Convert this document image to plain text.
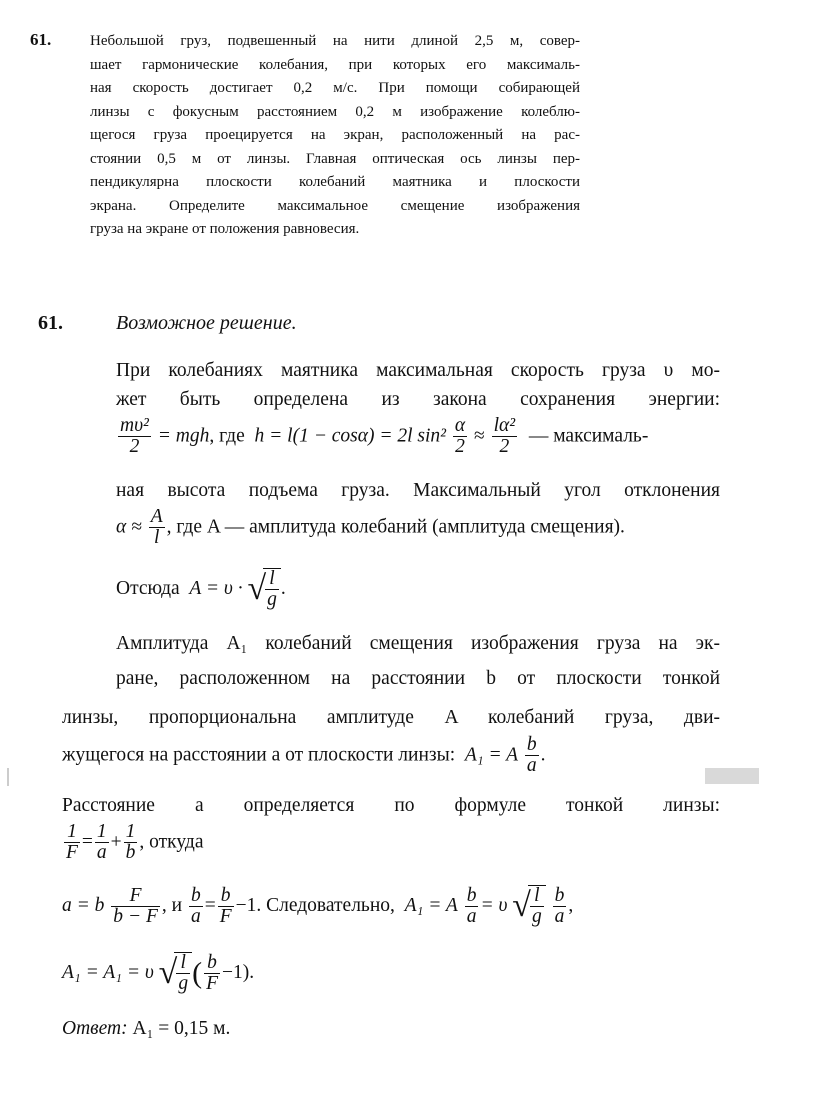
61.	Небольшой груз, подвешенный на нити длиной 2,5 м, совер-
шает гармонические колебания, при которых его максималь-
ная скорость достигает 0,2 м/с. При помощи собирающей
линзы с фокусным расстоянием 0,2 м изображение колеблю-
щегося груза проецируется на экран, расположенный на рас-
стоянии 0,5 м от линзы. Главная оптическая ось линзы пер-
пендикулярна плоскости колебаний маятника и плоскости
экрана. Определите максимальное смещение изображения
груза на экране от положения равновесия.
61.	Возможное решение.
При колебаниях маятника максимальная скорость груза υ мо-
жет быть определена из закона сохранения энергии:
$\frac{\text{mυ²}}{2}$ = mgh, где h = l(1 − cosα) = 2l $\sin^2 \frac{\alpha}{2} \approx \frac{\text{lα²}}{2}$ — максималь-
ная высота подъема груза. Максимальный угол отклонения
$\alpha \approx \frac{A}{l}$ , где A — амплитуда колебаний (амплитуда смещения).
Отсюда A = υ · √ $\frac{l}{g}$ .
Амплитуда A₁ колебаний смещения изображения груза на эк-
ране, расположенном на расстоянии b от плоскости тонкой
линзы, пропорциональна амплитуде A колебаний груза, дви-
жущегося на расстоянии a от плоскости линзы: A₁ = A $\frac{b}{a}$ .
Расстояние a определяется по формуле тонкой линзы:
$\frac{1}{F} = \frac{1}{a} + \frac{1}{b}$ , откуда
a = b $\frac{F}{b - F}$ , и $\frac{b}{a} = \frac{b}{F} -1$. Следовательно, A₁ = A $\frac{b}{a} = \upsilon$ √ $\frac{l}{g}$
$\frac{b}{a}$ ,
A₁ = A₁ = υ √ $\frac{l}{g}$ ( $\frac{b}{F} -1$).
Ответ: A₁ = 0,15 м.
